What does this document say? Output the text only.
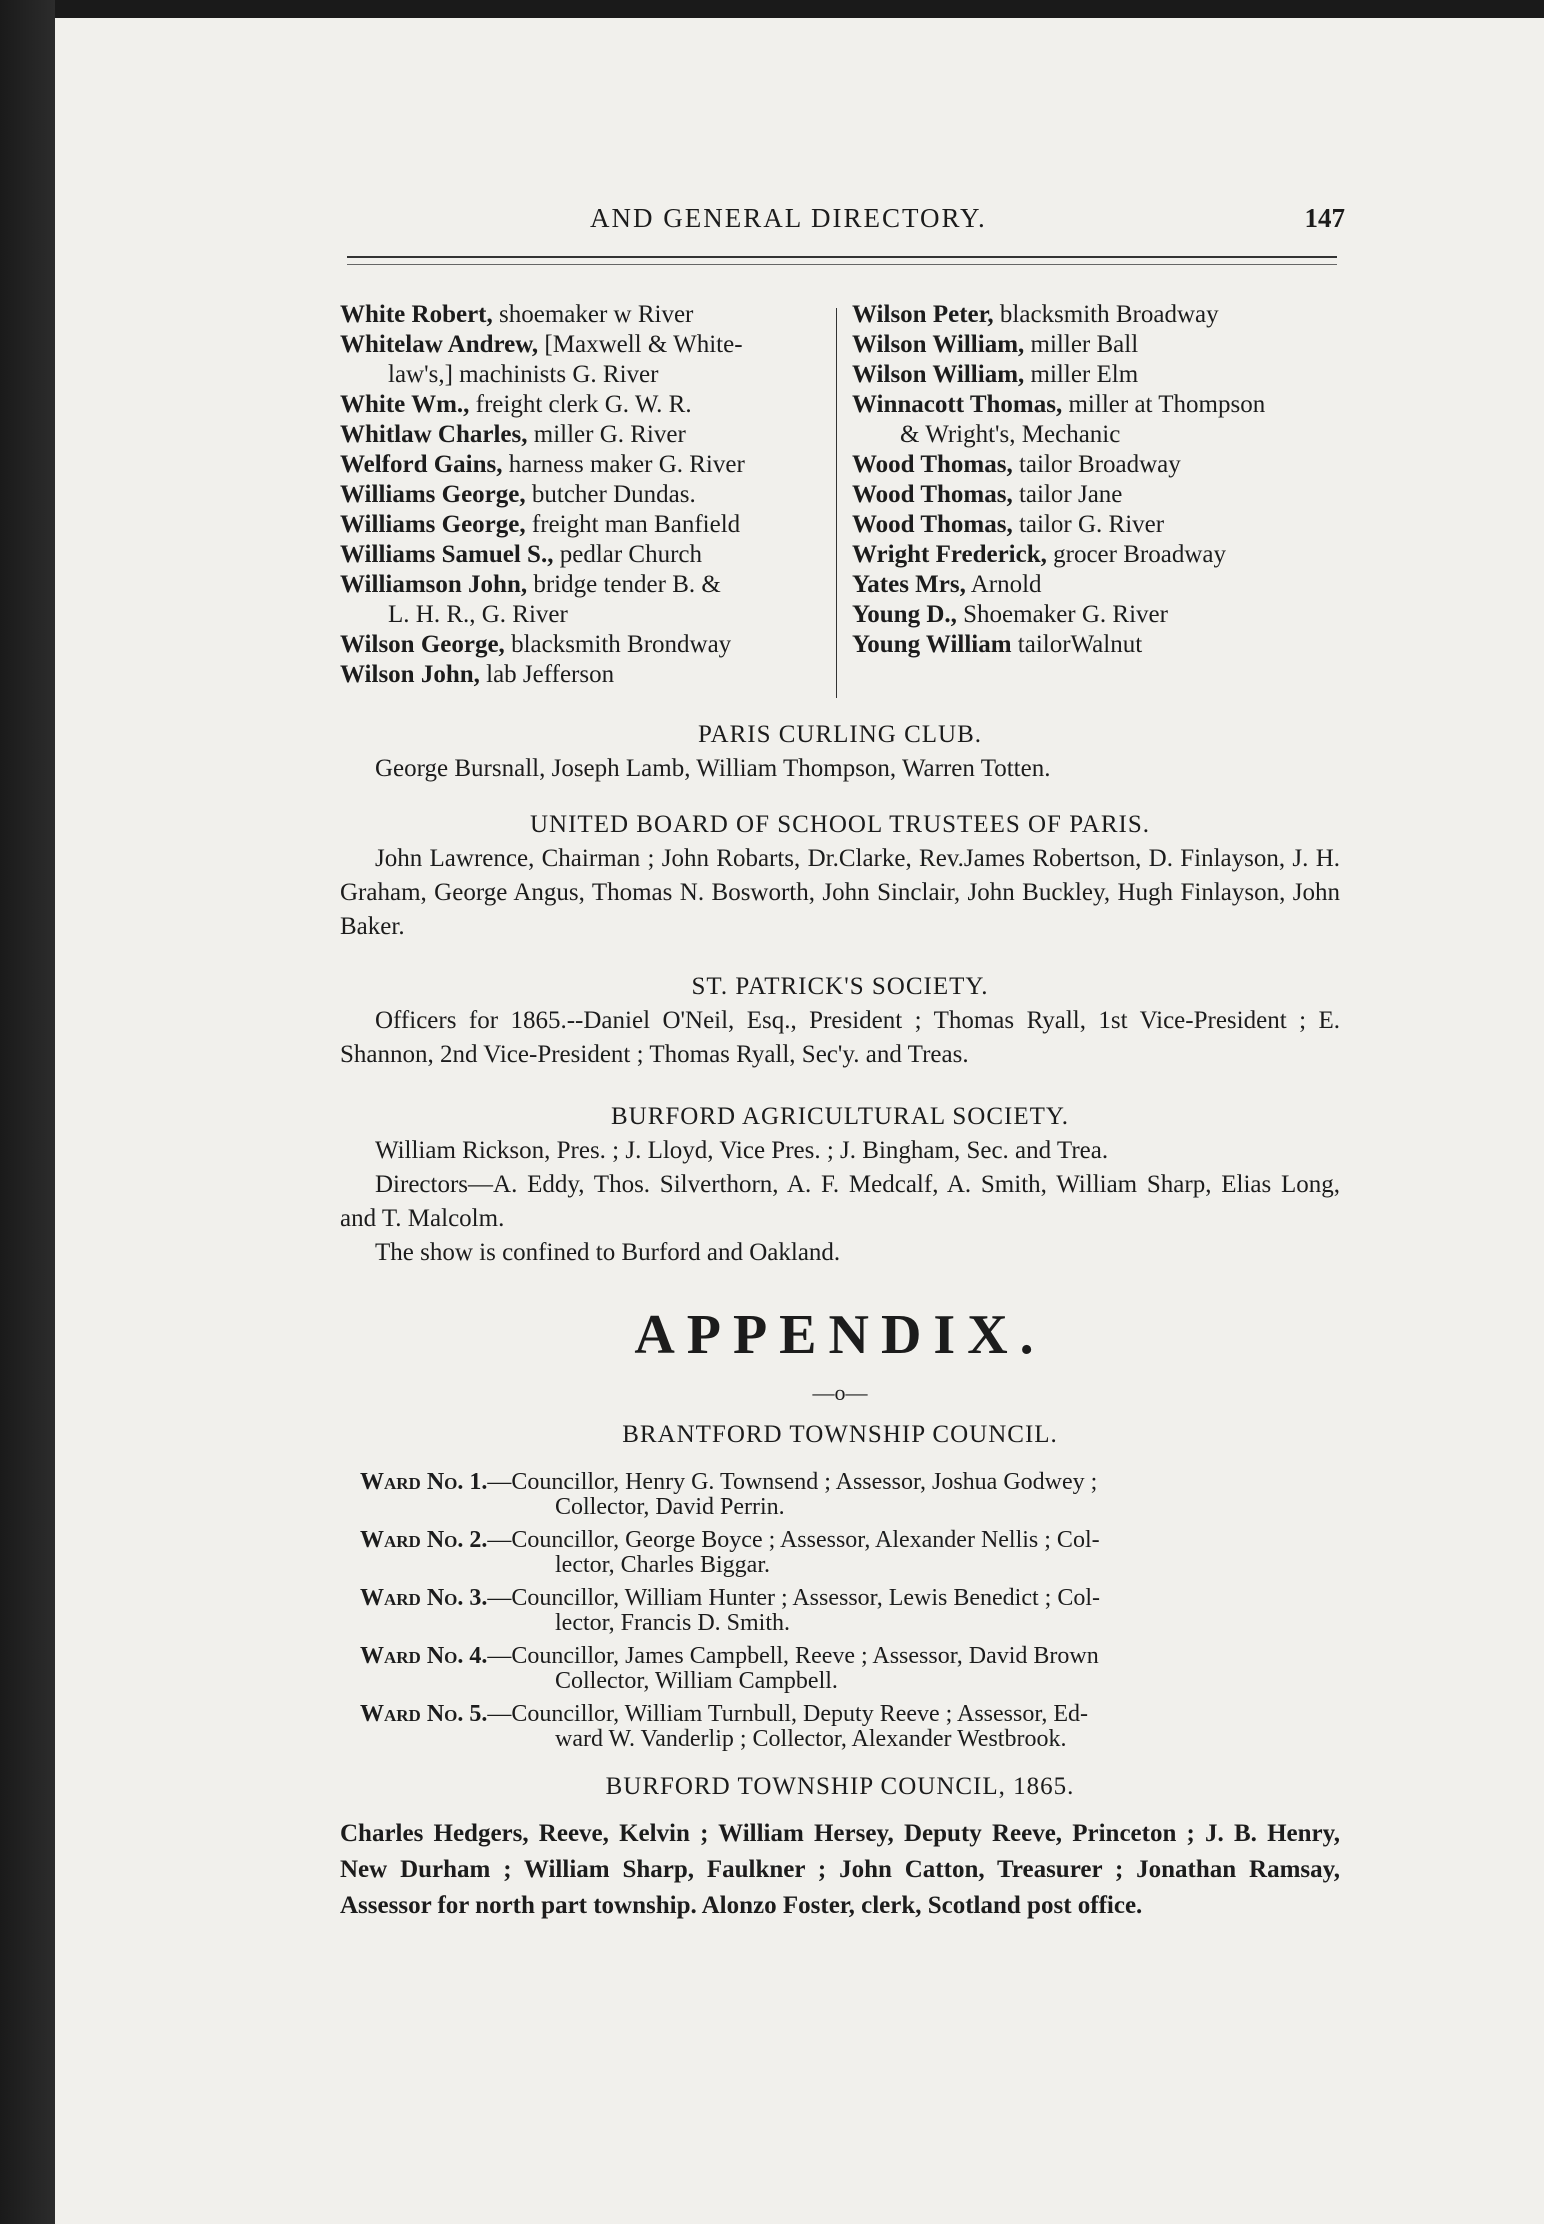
AND GENERAL DIRECTORY.	147
White Robert, shoemaker w River
Whitelaw Andrew, [Maxwell & White-
law's,] machinists G. River
White Wm., freight clerk G. W. R.
Whitlaw Charles, miller G. River
Welford Gains, harness maker G. River
Williams George, butcher Dundas.
Williams George, freight man Banfield
Williams Samuel S., pedlar Church
Williamson John, bridge tender B. &
L. H. R., G. River
Wilson George, blacksmith Brondway
Wilson John, lab Jefferson
Wilson Peter, blacksmith Broadway
Wilson William, miller Ball
Wilson William, miller Elm
Winnacott Thomas, miller at Thompson
& Wright's, Mechanic
Wood Thomas, tailor Broadway
Wood Thomas, tailor Jane
Wood Thomas, tailor G. River
Wright Frederick, grocer Broadway
Yates Mrs, Arnold
Young D., Shoemaker G. River
Young William tailorWalnut
PARIS CURLING CLUB.
George Bursnall, Joseph Lamb, William Thompson, Warren Totten.
UNITED BOARD OF SCHOOL TRUSTEES OF PARIS.
John Lawrence, Chairman ; John Robarts, Dr.Clarke, Rev.James Robertson, D. Finlayson, J. H. Graham, George Angus, Thomas N. Bosworth, John Sinclair, John Buckley, Hugh Finlayson, John Baker.
ST. PATRICK'S SOCIETY.
Officers for 1865.--Daniel O'Neil, Esq., President ; Thomas Ryall, 1st Vice-President ; E. Shannon, 2nd Vice-President ; Thomas Ryall, Sec'y. and Treas.
BURFORD AGRICULTURAL SOCIETY.
William Rickson, Pres. ; J. Lloyd, Vice Pres. ; J. Bingham, Sec. and Trea.
Directors—A. Eddy, Thos. Silverthorn, A. F. Medcalf, A. Smith, William Sharp, Elias Long, and T. Malcolm.
The show is confined to Burford and Oakland.
APPENDIX.
—o—
BRANTFORD TOWNSHIP COUNCIL.
Ward No. 1.—Councillor, Henry G. Townsend ; Assessor, Joshua Godwey ;
Collector, David Perrin.
Ward No. 2.—Councillor, George Boyce ; Assessor, Alexander Nellis ; Col-
lector, Charles Biggar.
Ward No. 3.—Councillor, William Hunter ; Assessor, Lewis Benedict ; Col-
lector, Francis D. Smith.
Ward No. 4.—Councillor, James Campbell, Reeve ; Assessor, David Brown
Collector, William Campbell.
Ward No. 5.—Councillor, William Turnbull, Deputy Reeve ; Assessor, Ed-
ward W. Vanderlip ; Collector, Alexander Westbrook.
BURFORD TOWNSHIP COUNCIL, 1865.
Charles Hedgers, Reeve, Kelvin ; William Hersey, Deputy Reeve, Princeton ; J. B. Henry, New Durham ; William Sharp, Faulkner ; John Catton, Treasurer ; Jonathan Ramsay, Assessor for north part township. Alonzo Foster, clerk, Scotland post office.
